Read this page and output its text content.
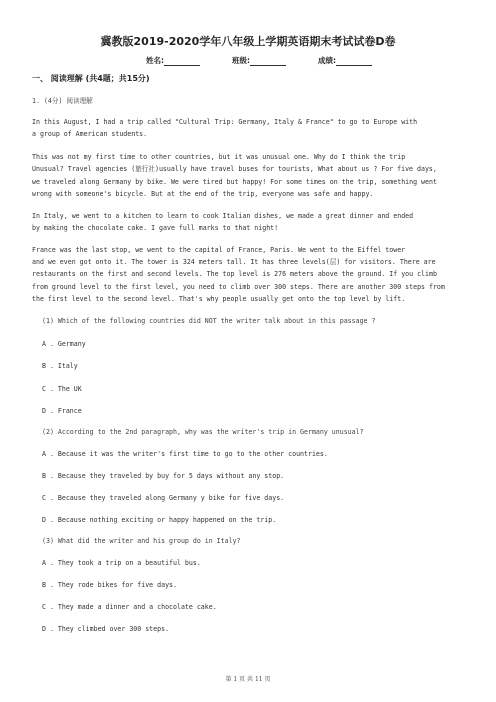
冀教版2019-2020学年八年级上学期英语期末考试试卷D卷
姓名:	班级:	成绩:
一、 阅读理解 (共4题；共15分)
1. (4分) 阅读理解
In this August, I had a trip called "Cultural Trip: Germany, Italy & France" to go to Europe with
a group of American students.
This was not my first time to other countries, but it was unusual one. Why do I think the trip
Unusual? Travel agencies (旅行社)usually have travel buses for tourists, What about us ? For five days,
we traveled along Germany by bike. We were tired but happy! For some times on the trip, something went
wrong with someone's bicycle. But at the end of the trip, everyone was safe and happy.
In Italy, we went to a kitchen to learn to cook Italian dishes, we made a great dinner and ended
by making the chocolate cake. I gave full marks to that night!
France was the last stop, we went to the capital of France, Paris. We went to the Eiffel tower
and we even got onto it. The tower is 324 meters tall. It has three levels(层) for visitors. There are
restaurants on the first and second levels. The top level is 276 meters above the ground. If you climb
from ground level to the first level, you need to climb over 300 steps. There are another 300 steps from
the first level to the second level. That's why people usually get onto the top level by lift.
(1) Which of the following countries did NOT the writer talk about in this passage ?
A . Germany
B . Italy
C . The UK
D . France
(2) According to the 2nd paragraph, why was the writer's trip in Germany unusual?
A . Because it was the writer's first time to go to the other countries.
B . Because they traveled by buy for 5 days without any stop.
C . Because they traveled along Germany y bike for five days.
D . Because nothing exciting or happy happened on the trip.
(3) What did the writer and his group do in Italy?
A . They took a trip on a beautiful bus.
B . They rode bikes for five days.
C . They made a dinner and a chocolate cake.
D . They climbed over 300 steps.
第 1 页 共 11 页
